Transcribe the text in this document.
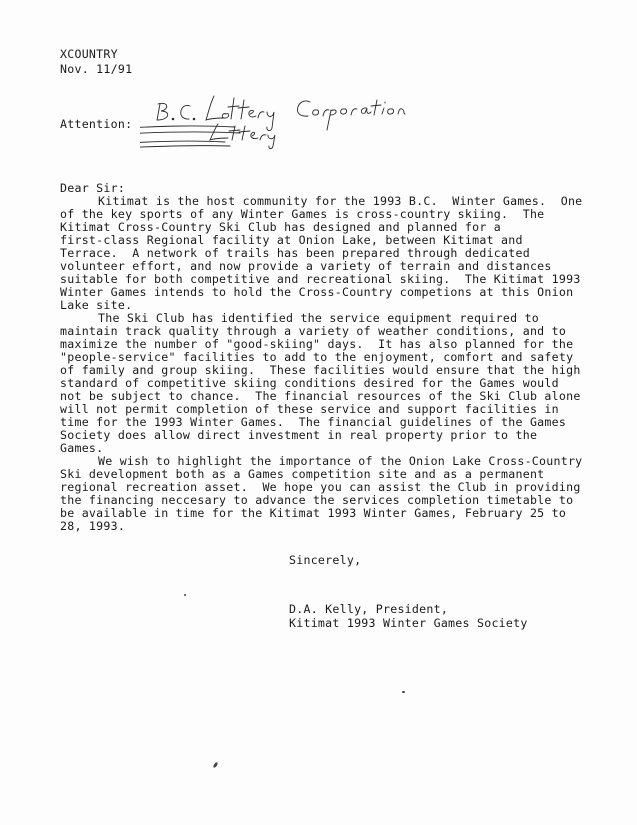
XCOUNTRY
Nov. 11/91
Attention:
Dear Sir:
Kitimat is the host community for the 1993 B.C.  Winter Games.  One
of the key sports of any Winter Games is cross-country skiing.  The
Kitimat Cross-Country Ski Club has designed and planned for a
first-class Regional facility at Onion Lake, between Kitimat and
Terrace.  A network of trails has been prepared through dedicated
volunteer effort, and now provide a variety of terrain and distances
suitable for both competitive and recreational skiing.  The Kitimat 1993
Winter Games intends to hold the Cross-Country competions at this Onion
Lake site.
The Ski Club has identified the service equipment required to
maintain track quality through a variety of weather conditions, and to
maximize the number of "good-skiing" days.  It has also planned for the
"people-service" facilities to add to the enjoyment, comfort and safety
of family and group skiing.  These facilities would ensure that the high
standard of competitive skiing conditions desired for the Games would
not be subject to chance.  The financial resources of the Ski Club alone
will not permit completion of these service and support facilities in
time for the 1993 Winter Games.  The financial guidelines of the Games
Society does allow direct investment in real property prior to the
Games.
We wish to highlight the importance of the Onion Lake Cross-Country
Ski development both as a Games competition site and as a permanent
regional recreation asset.  We hope you can assist the Club in providing
the financing neccesary to advance the services completion timetable to
be available in time for the Kitimat 1993 Winter Games, February 25 to
28, 1993.
Sincerely,
D.A. Kelly, President,
Kitimat 1993 Winter Games Society
